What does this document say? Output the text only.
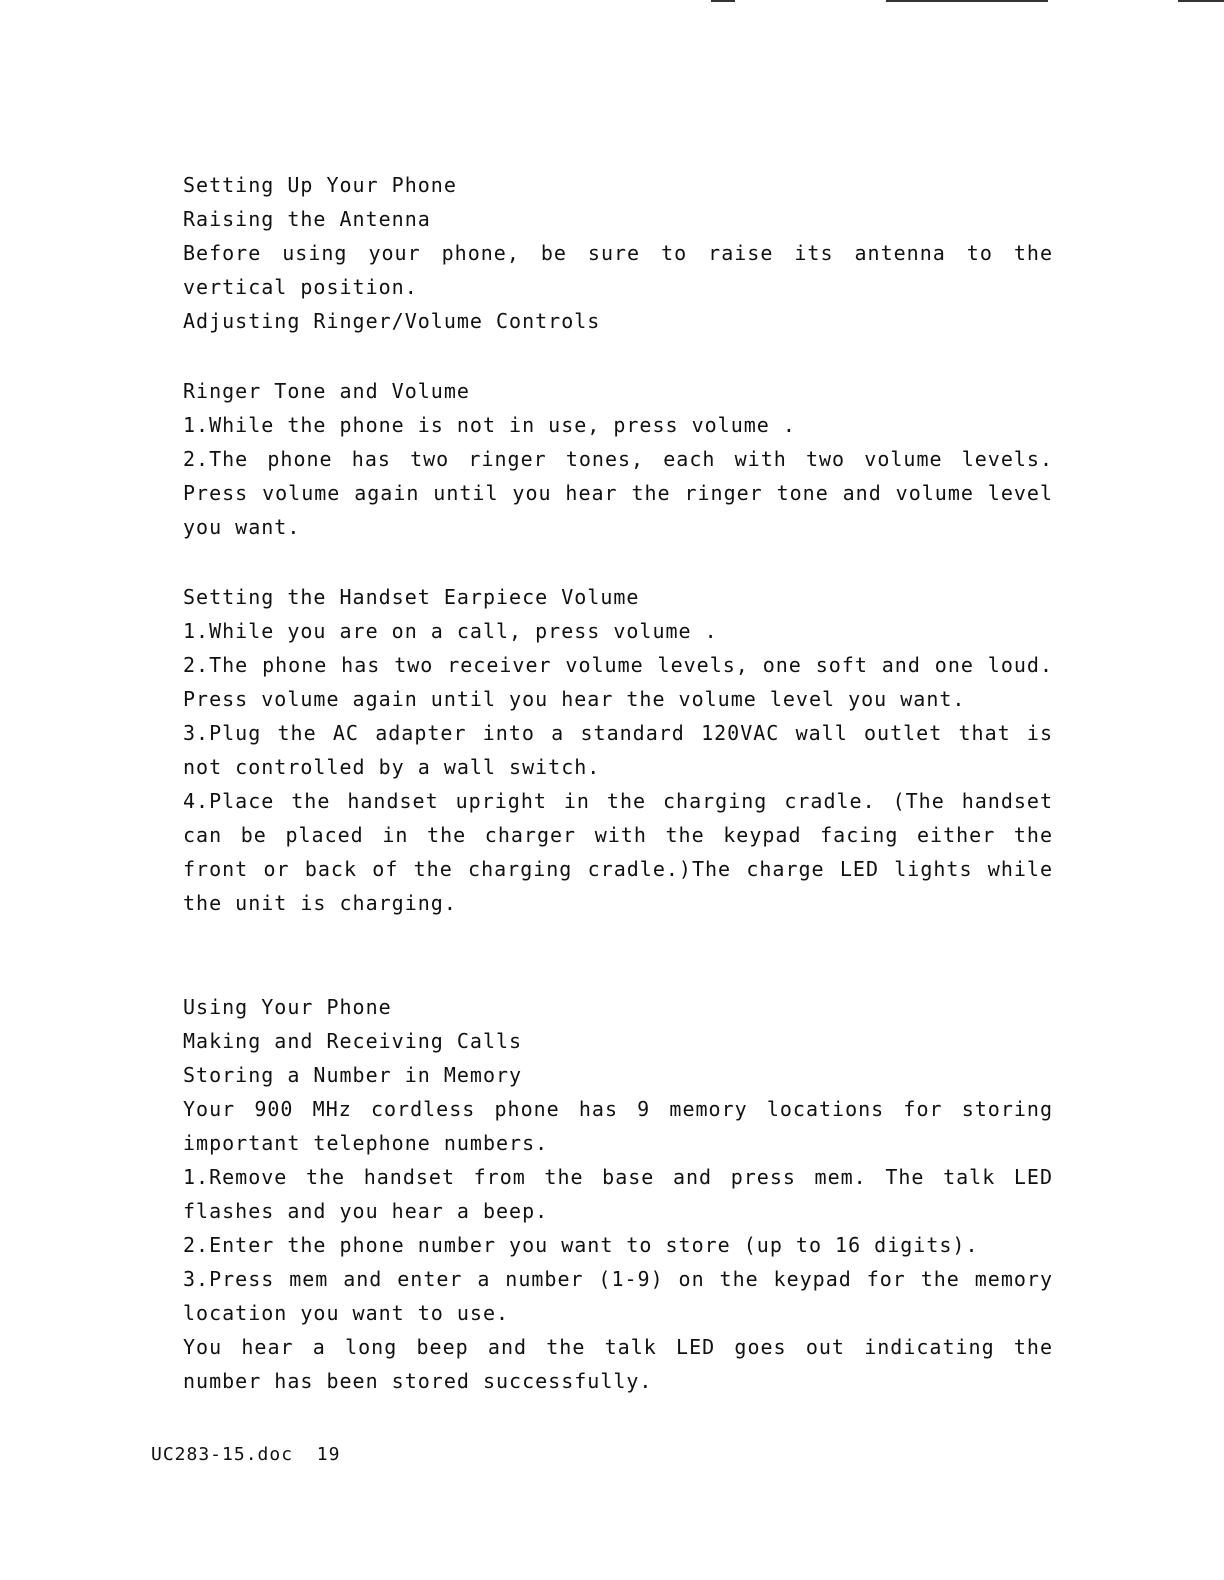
Setting Up Your Phone

Raising the Antenna

Before using your phone, be sure to raise its antenna to the vertical position.

Adjusting Ringer/Volume Controls

Ringer Tone and Volume

1.While the phone is not in use, press volume .

2.The phone has two ringer tones, each with two volume levels. Press volume again until you hear the ringer tone and volume level you want.

Setting the Handset Earpiece Volume

1.While you are on a call, press volume .

2.The phone has two receiver volume levels, one soft and one loud. Press volume again until you hear the volume level you want.

3.Plug the AC adapter into a standard 120VAC wall outlet that is not controlled by a wall switch.

4.Place the handset upright in the charging cradle. (The handset can be placed in the charger with the keypad facing either the front or back of the charging cradle.)The charge LED lights while the unit is charging.

Using Your Phone

Making and Receiving Calls

Storing a Number in Memory

Your 900 MHz cordless phone has 9 memory locations for storing important telephone numbers.

1.Remove the handset from the base and press mem. The talk LED flashes and you hear a beep.

2.Enter the phone number you want to store (up to 16 digits).

3.Press mem and enter a number (1-9) on the keypad for the memory location you want to use.

You hear a long beep and the talk LED goes out indicating the number has been stored successfully.

UC283-15.doc 19
